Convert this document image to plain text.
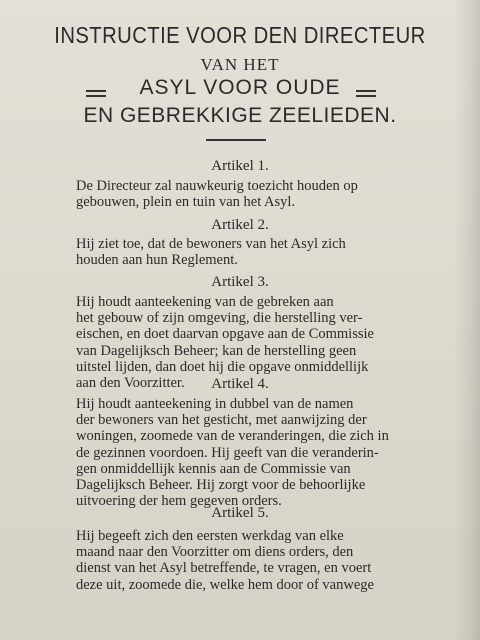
INSTRUCTIE VOOR DEN DIRECTEUR
VAN HET
ASYL VOOR OUDE
EN GEBREKKIGE ZEELIEDEN.
Artikel 1.
De Directeur zal nauwkeurig toezicht houden op
gebouwen, plein en tuin van het Asyl.
Artikel 2.
Hij ziet toe, dat de bewoners van het Asyl zich
houden aan hun Reglement.
Artikel 3.
Hij houdt aanteekening van de gebreken aan
het gebouw of zijn omgeving, die herstelling ver-
eischen, en doet daarvan opgave aan de Commissie
van Dagelijksch Beheer; kan de herstelling geen
uitstel lijden, dan doet hij die opgave onmiddellijk
aan den Voorzitter.	Artikel 4.
Hij houdt aanteekening in dubbel van de namen
der bewoners van het gesticht, met aanwijzing der
woningen, zoomede van de veranderingen, die zich in
de gezinnen voordoen. Hij geeft van die veranderin-
gen onmiddellijk kennis aan de Commissie van
Dagelijksch Beheer. Hij zorgt voor de behoorlijke
uitvoering der hem gegeven orders.
Artikel 5.
Hij begeeft zich den eersten werkdag van elke
maand naar den Voorzitter om diens orders, den
dienst van het Asyl betreffende, te vragen, en voert
deze uit, zoomede die, welke hem door of vanwege
